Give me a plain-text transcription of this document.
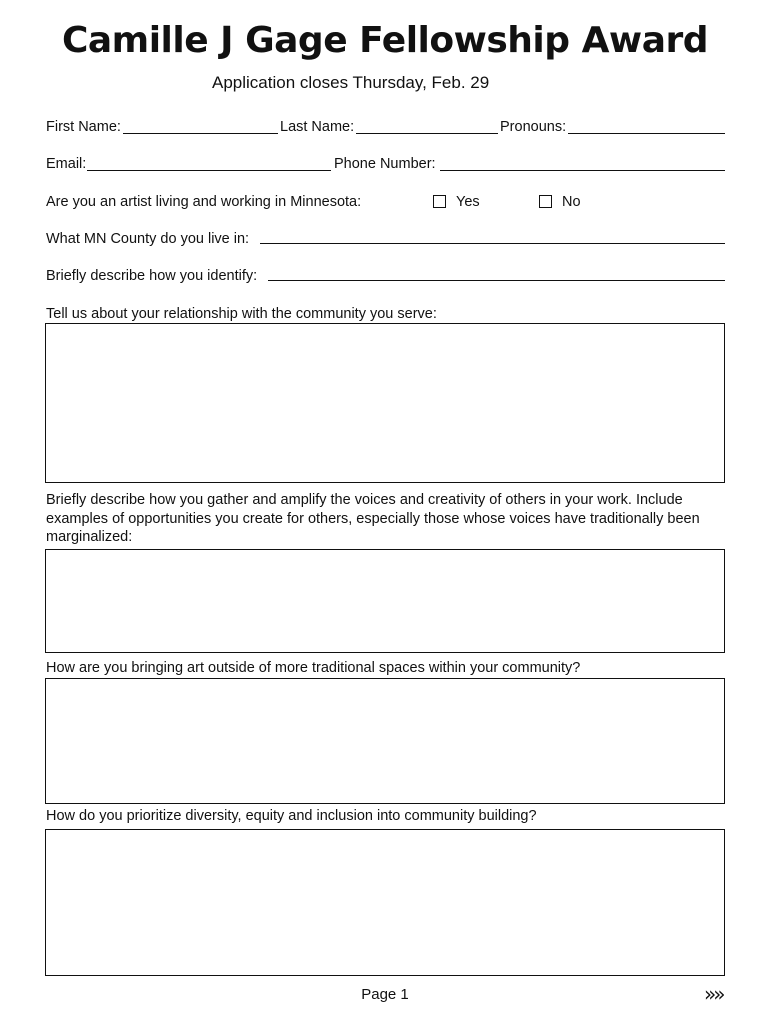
Camille J Gage Fellowship Award
Application closes Thursday, Feb. 29
First Name:	Last Name:	Pronouns:
Email:	Phone Number:
Are you an artist living and working in Minnesota:	Yes	No
What MN County do you live in:
Briefly describe how you identify:
Tell us about your relationship with the community you serve:
Briefly describe how you gather and amplify the voices and creativity of others in your work. Include examples of opportunities you create for others, especially those whose voices have traditionally been marginalized:
How are you bringing art outside of more traditional spaces within your community?
How do you prioritize diversity, equity and inclusion into community building?
Page 1	»»
